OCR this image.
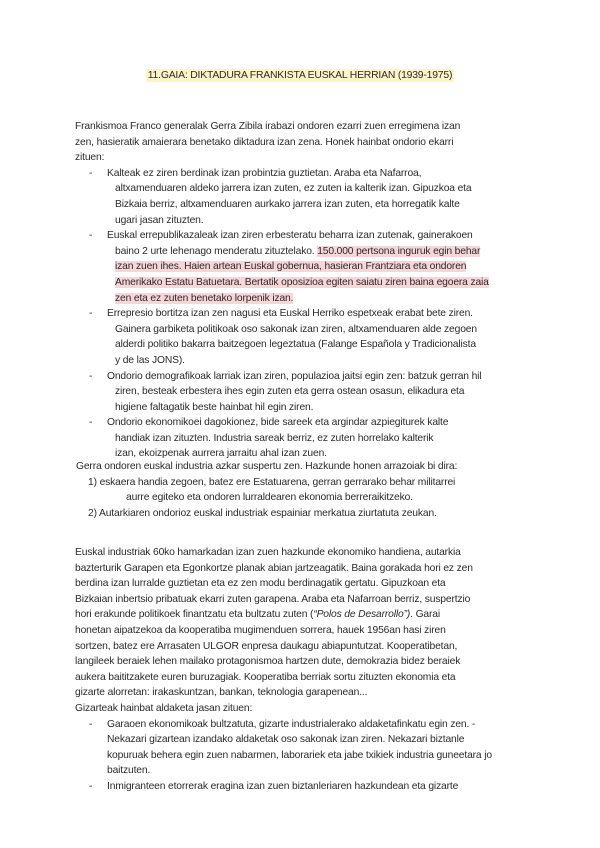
11.GAIA: DIKTADURA FRANKISTA EUSKAL HERRIAN (1939-1975)

Frankismoa Franco generalak Gerra Zibila irabazi ondoren ezarri zuen erregimena izan

zen, hasieratik amaierara benetako diktadura izan zena. Honek hainbat ondorio ekarri

zituen:

- Kalteak ez ziren berdinak izan probintzia guztietan. Araba eta Nafarroa,

altxamenduaren aldeko jarrera izan zuten, ez zuten ia kalterik izan. Gipuzkoa eta

Bizkaia berriz, altxamenduaren aurkako jarrera izan zuten, eta horregatik kalte

ugari jasan zituzten.

- Euskal errepublikazaleak izan ziren erbesteratu beharra izan zutenak, gainerakoen

baino 2 urte lehenago menderatu zituztelako. 150.000 pertsona inguruk egin behar

izan zuen ihes. Haien artean Euskal gobernua, hasieran Frantziara eta ondoren

Amerikako Estatu Batuetara. Bertatik oposizioa egiten saiatu ziren baina egoera zaia

zen eta ez zuten benetako lorpenik izan.

- Errepresio bortitza izan zen nagusi eta Euskal Herriko espetxeak erabat bete ziren.

Gainera garbiketa politikoak oso sakonak izan ziren, altxamenduaren alde zegoen

alderdi politiko bakarra baitzegoen legeztatua (Falange Española y Tradicionalista

y de las JONS).

- Ondorio demografikoak larriak izan ziren, populazioa jaitsi egin zen: batzuk gerran hil

ziren, besteak erbestera ihes egin zuten eta gerra ostean osasun, elikadura eta

higiene faltagatik beste hainbat hil egin ziren.

- Ondorio ekonomikoei dagokionez, bide sareek eta argindar azpiegiturek kalte

handiak izan zituzten. Industria sareak berriz, ez zuten horrelako kalterik

izan, ekoizpenak aurrera jarraitu ahal izan zuen.

Gerra ondoren euskal industria azkar suspertu zen. Hazkunde honen arrazoiak bi dira:

1) eskaera handia zegoen, batez ere Estatuarena, gerran gerrarako behar militarrei

aurre egiteko eta ondoren lurraldearen ekonomia berreraikitzeko.

2) Autarkiaren ondorioz euskal industriak espainiar merkatua ziurtatuta zeukan.

Euskal industriak 60ko hamarkadan izan zuen hazkunde ekonomiko handiena, autarkia

bazterturik Garapen eta Egonkortze planak abian jartzeagatik. Baina gorakada hori ez zen

berdina izan lurralde guztietan eta ez zen modu berdinagatik gertatu. Gipuzkoan eta

Bizkaian inbertsio pribatuak ekarri zuten garapena. Araba eta Nafarroan berriz, suspertzio

hori erakunde politikoek finantzatu eta bultzatu zuten (“Polos de Desarrollo”). Garai

honetan aipatzekoa da kooperatiba mugimenduen sorrera, hauek 1956an hasi ziren

sortzen, batez ere Arrasaten ULGOR enpresa daukagu abiapuntutzat. Kooperatibetan,

langileek beraiek lehen mailako protagonismoa hartzen dute, demokrazia bidez beraiek

aukera baititzakete euren buruzagiak. Kooperatiba berriak sortu zituzten ekonomia eta

gizarte alorretan: irakaskuntzan, bankan, teknologia garapenean...

Gizarteak hainbat aldaketa jasan zituen:

- Garaoen ekonomikoak bultzatuta, gizarte industrialerako aldaketafinkatu egin zen. -

Nekazari gizartean izandako aldaketak oso sakonak izan ziren. Nekazari biztanle

kopuruak behera egin zuen nabarmen, laborariek eta jabe txikiek industria guneetara jo

baitzuten.

- Inmigranteen etorrerak eragina izan zuen biztanleriaren hazkundean eta gizarte
